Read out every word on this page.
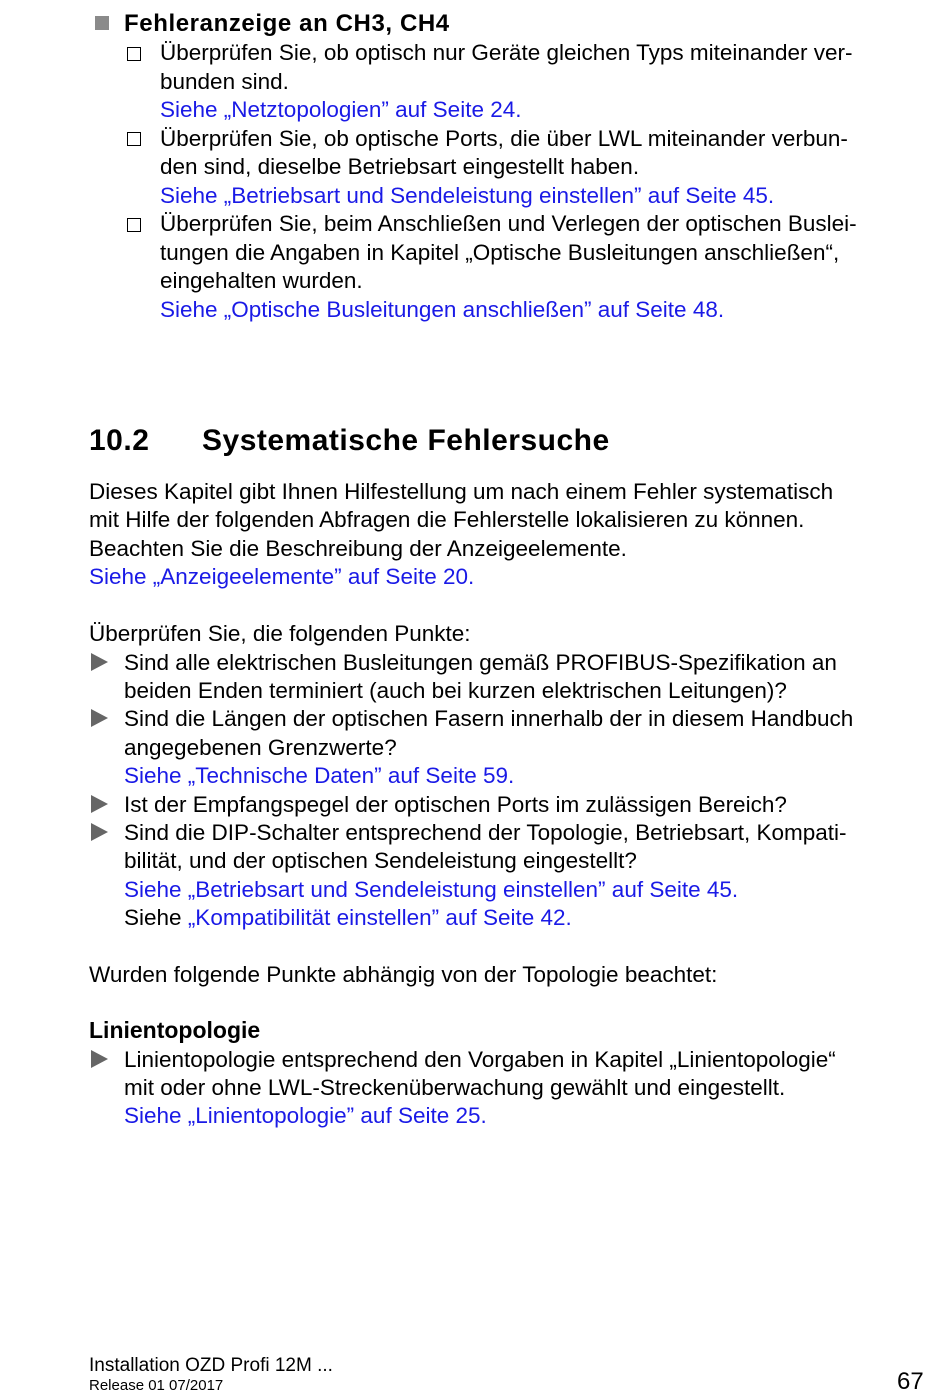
Fehleranzeige an CH3, CH4
Überprüfen Sie, ob optisch nur Geräte gleichen Typs miteinander ver-
bunden sind.
Siehe „Netztopologien” auf Seite 24.
Überprüfen Sie, ob optische Ports, die über LWL miteinander verbun-
den sind, dieselbe Betriebsart eingestellt haben.
Siehe „Betriebsart und Sendeleistung einstellen” auf Seite 45.
Überprüfen Sie, beim Anschließen und Verlegen der optischen Buslei-
tungen die Angaben in Kapitel „Optische Busleitungen anschließen“,
eingehalten wurden.
Siehe „Optische Busleitungen anschließen” auf Seite 48.
10.2 Systematische Fehlersuche
Dieses Kapitel gibt Ihnen Hilfestellung um nach einem Fehler systematisch
mit Hilfe der folgenden Abfragen die Fehlerstelle lokalisieren zu können.
Beachten Sie die Beschreibung der Anzeigeelemente.
Siehe „Anzeigeelemente” auf Seite 20.
Überprüfen Sie, die folgenden Punkte:
Sind alle elektrischen Busleitungen gemäß PROFIBUS-Spezifikation an
beiden Enden terminiert (auch bei kurzen elektrischen Leitungen)?
Sind die Längen der optischen Fasern innerhalb der in diesem Handbuch
angegebenen Grenzwerte?
Siehe „Technische Daten” auf Seite 59.
Ist der Empfangspegel der optischen Ports im zulässigen Bereich?
Sind die DIP-Schalter entsprechend der Topologie, Betriebsart, Kompati-
bilität, und der optischen Sendeleistung eingestellt?
Siehe „Betriebsart und Sendeleistung einstellen” auf Seite 45.
Siehe „Kompatibilität einstellen” auf Seite 42.
Wurden folgende Punkte abhängig von der Topologie beachtet:
Linientopologie
Linientopologie entsprechend den Vorgaben in Kapitel „Linientopologie“
mit oder ohne LWL-Streckenüberwachung gewählt und eingestellt.
Siehe „Linientopologie” auf Seite 25.
Installation OZD Profi 12M ...
Release 01 07/2017	67
